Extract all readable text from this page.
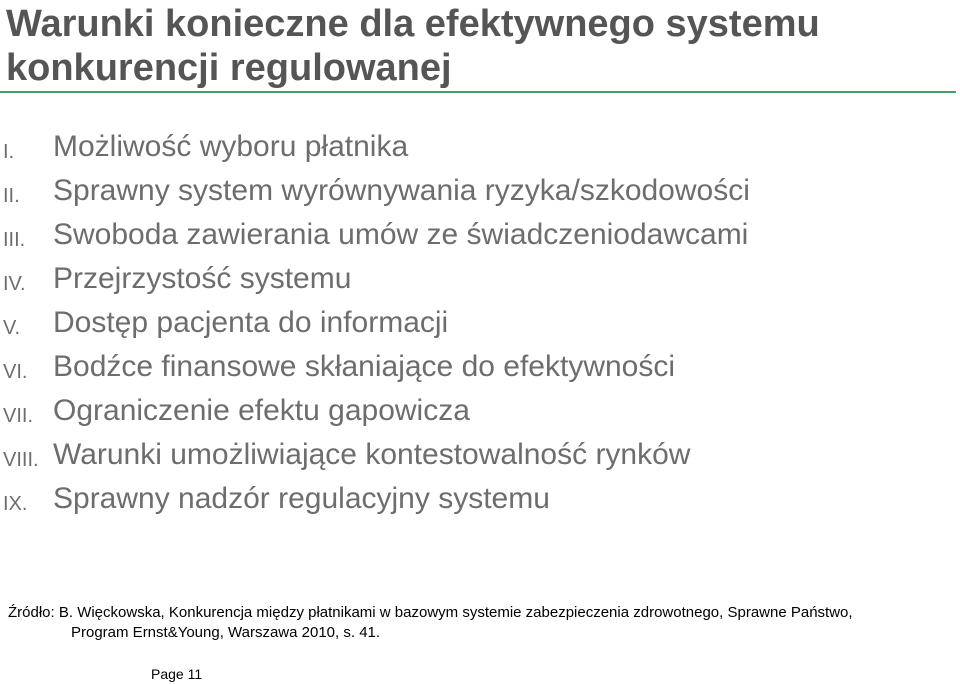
Warunki konieczne dla efektywnego systemu konkurencji regulowanej
I. Możliwość wyboru płatnika
II. Sprawny system wyrównywania ryzyka/szkodowości
III. Swoboda zawierania umów ze świadczeniodawcami
IV. Przejrzystość systemu
V. Dostęp pacjenta do informacji
VI. Bodźce finansowe skłaniające do efektywności
VII. Ograniczenie efektu gapowicza
VIII. Warunki umożliwiające kontestowalność rynków
IX. Sprawny nadzór regulacyjny systemu
Źródło: B. Więckowska, Konkurencja między płatnikami w bazowym systemie zabezpieczenia zdrowotnego, Sprawne Państwo,
Program Ernst&Young, Warszawa 2010, s. 41.
Page 11
